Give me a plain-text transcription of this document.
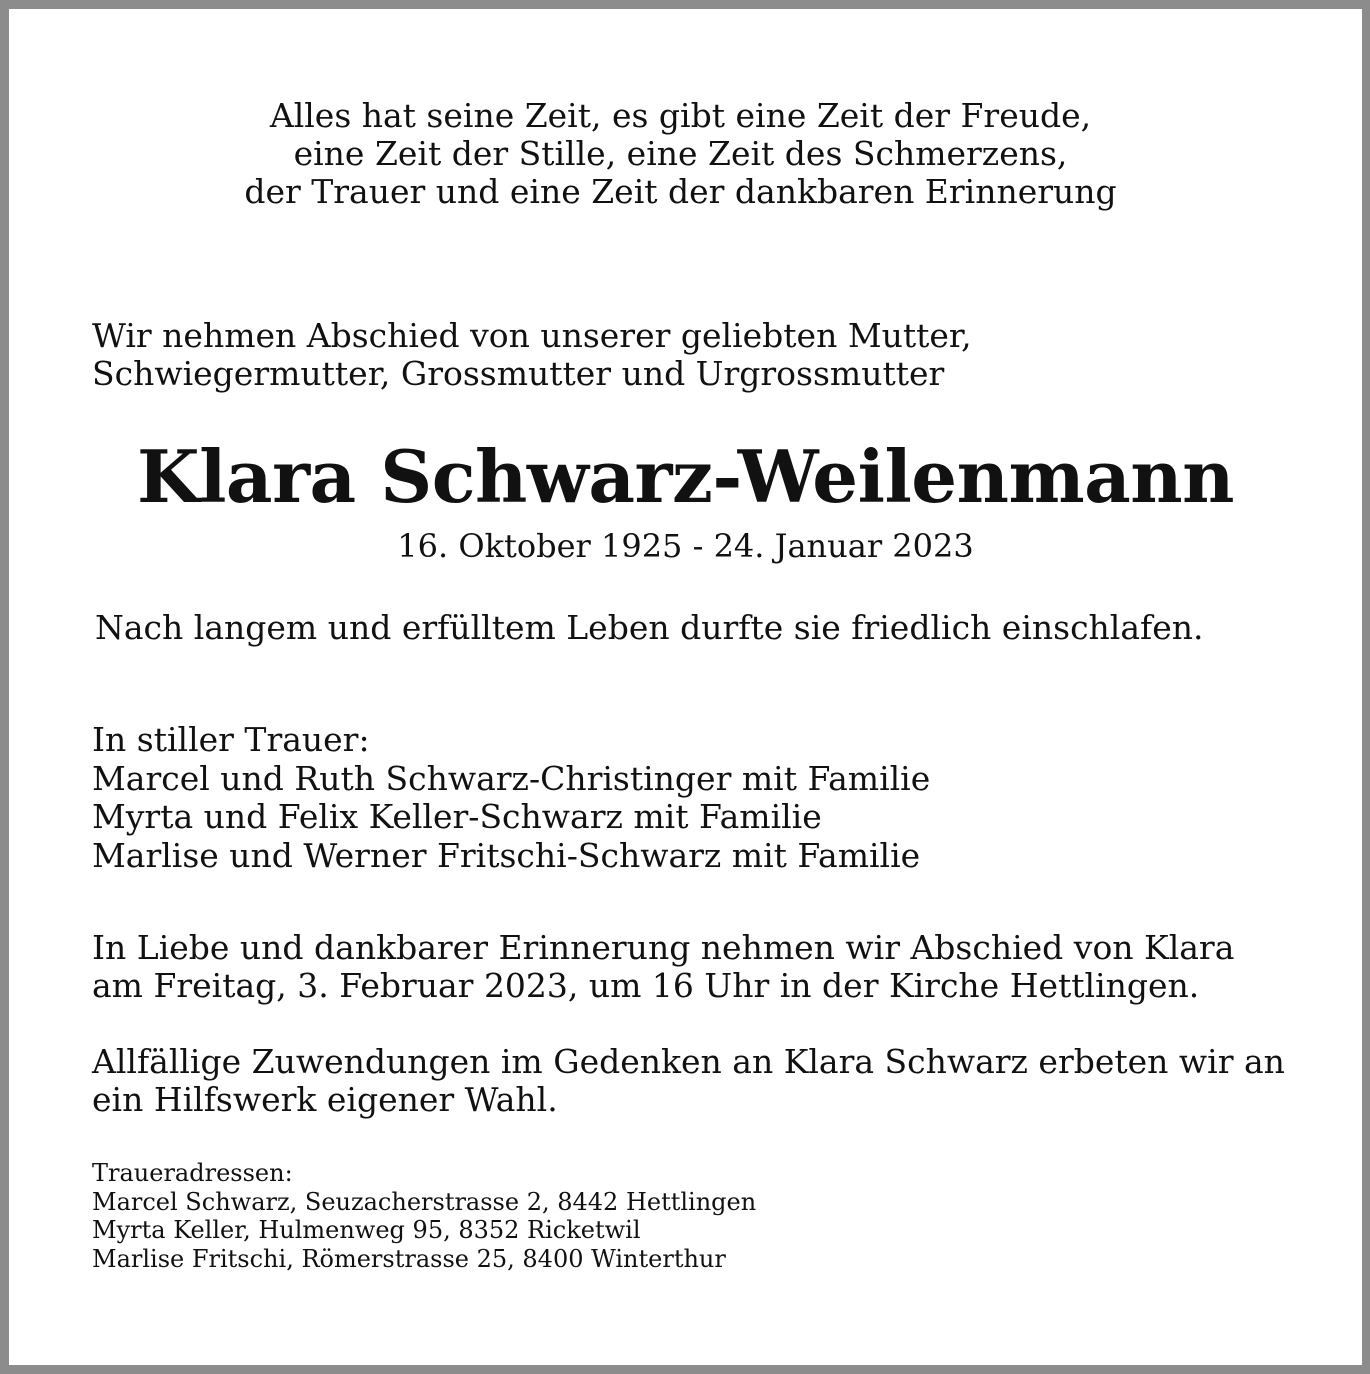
Alles hat seine Zeit, es gibt eine Zeit der Freude,
eine Zeit der Stille, eine Zeit des Schmerzens,
der Trauer und eine Zeit der dankbaren Erinnerung
Wir nehmen Abschied von unserer geliebten Mutter,
Schwiegermutter, Grossmutter und Urgrossmutter
Klara Schwarz-Weilenmann
16. Oktober 1925 - 24. Januar 2023
Nach langem und erfülltem Leben durfte sie friedlich einschlafen.
In stiller Trauer:
Marcel und Ruth Schwarz-Christinger mit Familie
Myrta und Felix Keller-Schwarz mit Familie
Marlise und Werner Fritschi-Schwarz mit Familie
In Liebe und dankbarer Erinnerung nehmen wir Abschied von Klara
am Freitag, 3. Februar 2023, um 16 Uhr in der Kirche Hettlingen.
Allfällige Zuwendungen im Gedenken an Klara Schwarz erbeten wir an
ein Hilfswerk eigener Wahl.
Traueradressen:
Marcel Schwarz, Seuzacherstrasse 2, 8442 Hettlingen
Myrta Keller, Hulmenweg 95, 8352 Ricketwil
Marlise Fritschi, Römerstrasse 25, 8400 Winterthur
